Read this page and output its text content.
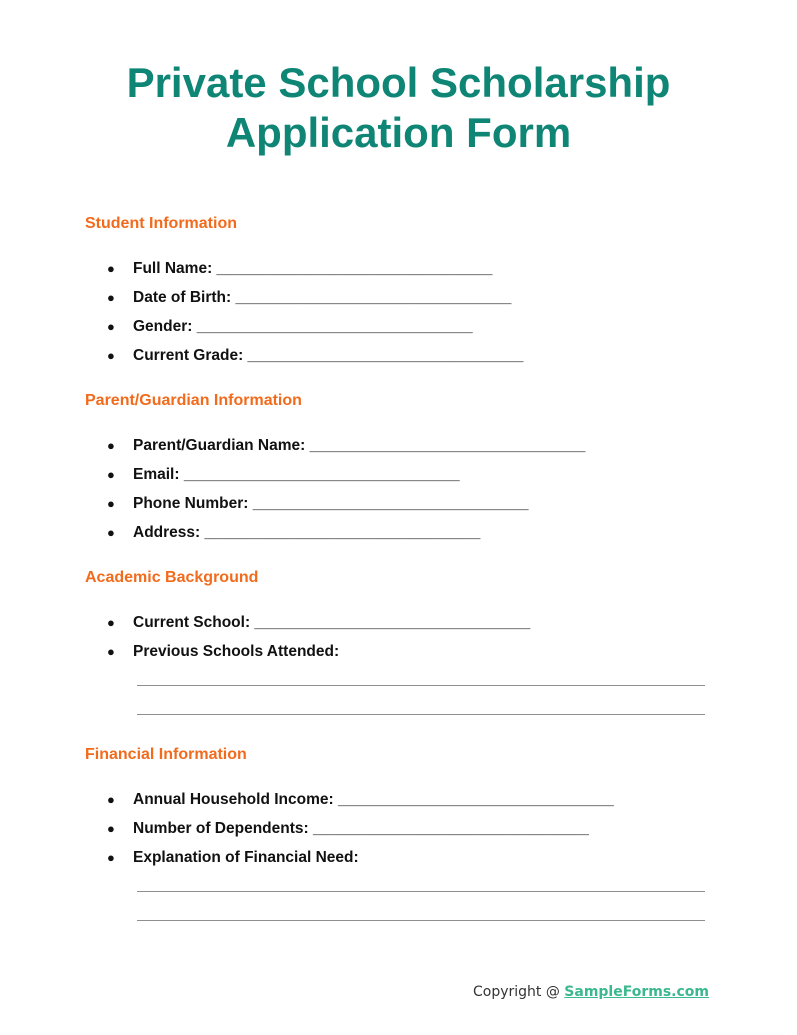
Private School Scholarship
Application Form
Student Information
●	Full Name: ________________________________
●	Date of Birth: ________________________________
●	Gender: ________________________________
●	Current Grade: ________________________________
Parent/Guardian Information
●	Parent/Guardian Name: ________________________________
●	Email: ________________________________
●	Phone Number: ________________________________
●	Address: ________________________________
Academic Background
●	Current School: ________________________________
●	Previous Schools Attended:
Financial Information
●	Annual Household Income: ________________________________
●	Number of Dependents: ________________________________
●	Explanation of Financial Need:
Copyright @ SampleForms.com
